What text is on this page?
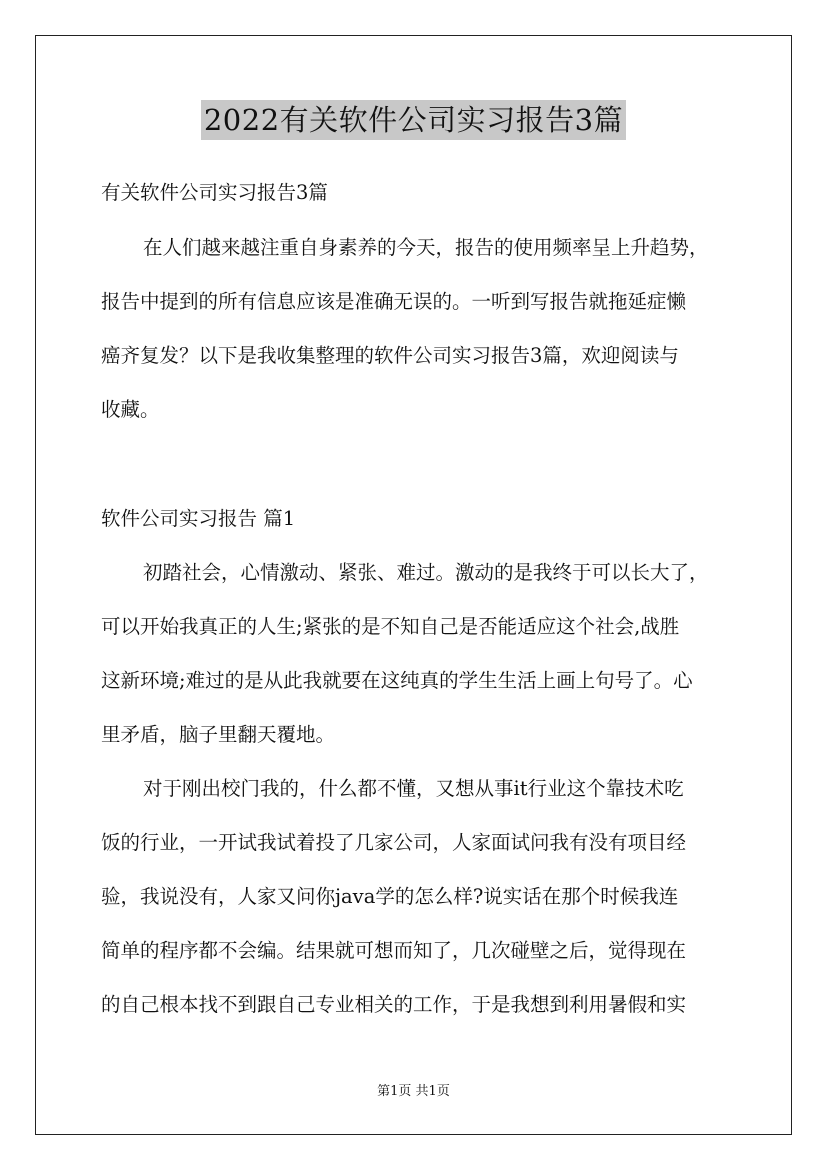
2022有关软件公司实习报告3篇
有关软件公司实习报告3篇
在人们越来越注重自身素养的今天，报告的使用频率呈上升趋势，
报告中提到的所有信息应该是准确无误的。一听到写报告就拖延症懒
癌齐复发？以下是我收集整理的软件公司实习报告3篇，欢迎阅读与
收藏。
软件公司实习报告 篇1
初踏社会，心情激动、紧张、难过。激动的是我终于可以长大了，
可以开始我真正的人生;紧张的是不知自己是否能适应这个社会,战胜
这新环境;难过的是从此我就要在这纯真的学生生活上画上句号了。心
里矛盾，脑子里翻天覆地。
对于刚出校门我的，什么都不懂，又想从事it行业这个靠技术吃
饭的行业，一开试我试着投了几家公司，人家面试问我有没有项目经
验，我说没有，人家又问你java学的怎么样?说实话在那个时候我连
简单的程序都不会编。结果就可想而知了，几次碰壁之后，觉得现在
的自己根本找不到跟自己专业相关的工作，于是我想到利用暑假和实
第1页 共1页
